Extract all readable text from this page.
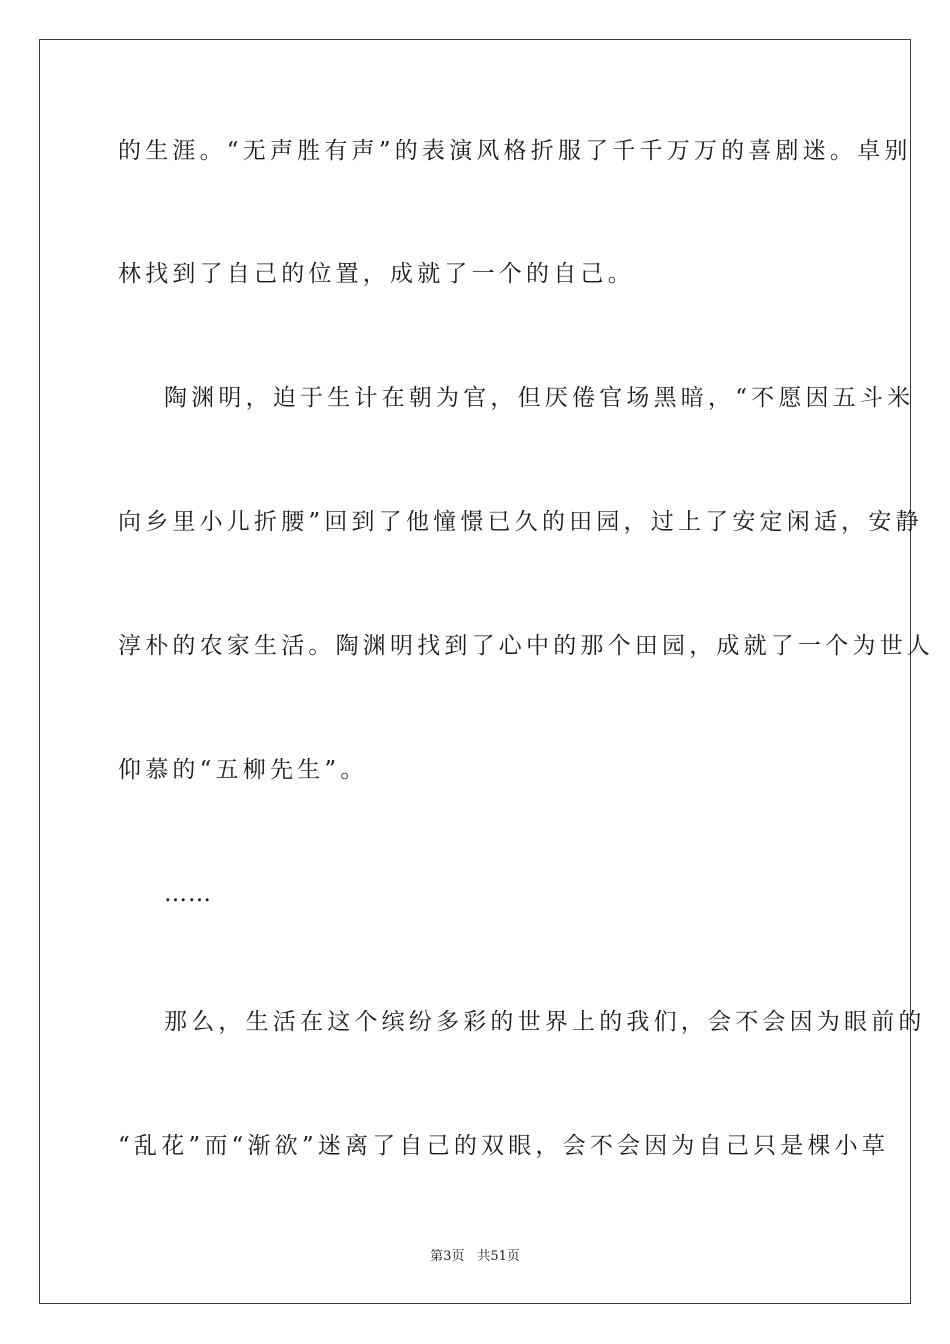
的生涯。“无声胜有声”的表演风格折服了千千万万的喜剧迷。卓别
林找到了自己的位置，成就了一个的自己。
陶渊明，迫于生计在朝为官，但厌倦官场黑暗，“不愿因五斗米
向乡里小儿折腰”回到了他憧憬已久的田园，过上了安定闲适，安静
淳朴的农家生活。陶渊明找到了心中的那个田园，成就了一个为世人
仰慕的“五柳先生”。
……
那么，生活在这个缤纷多彩的世界上的我们，会不会因为眼前的
“乱花”而“渐欲”迷离了自己的双眼，会不会因为自己只是棵小草
第3页　共51页
